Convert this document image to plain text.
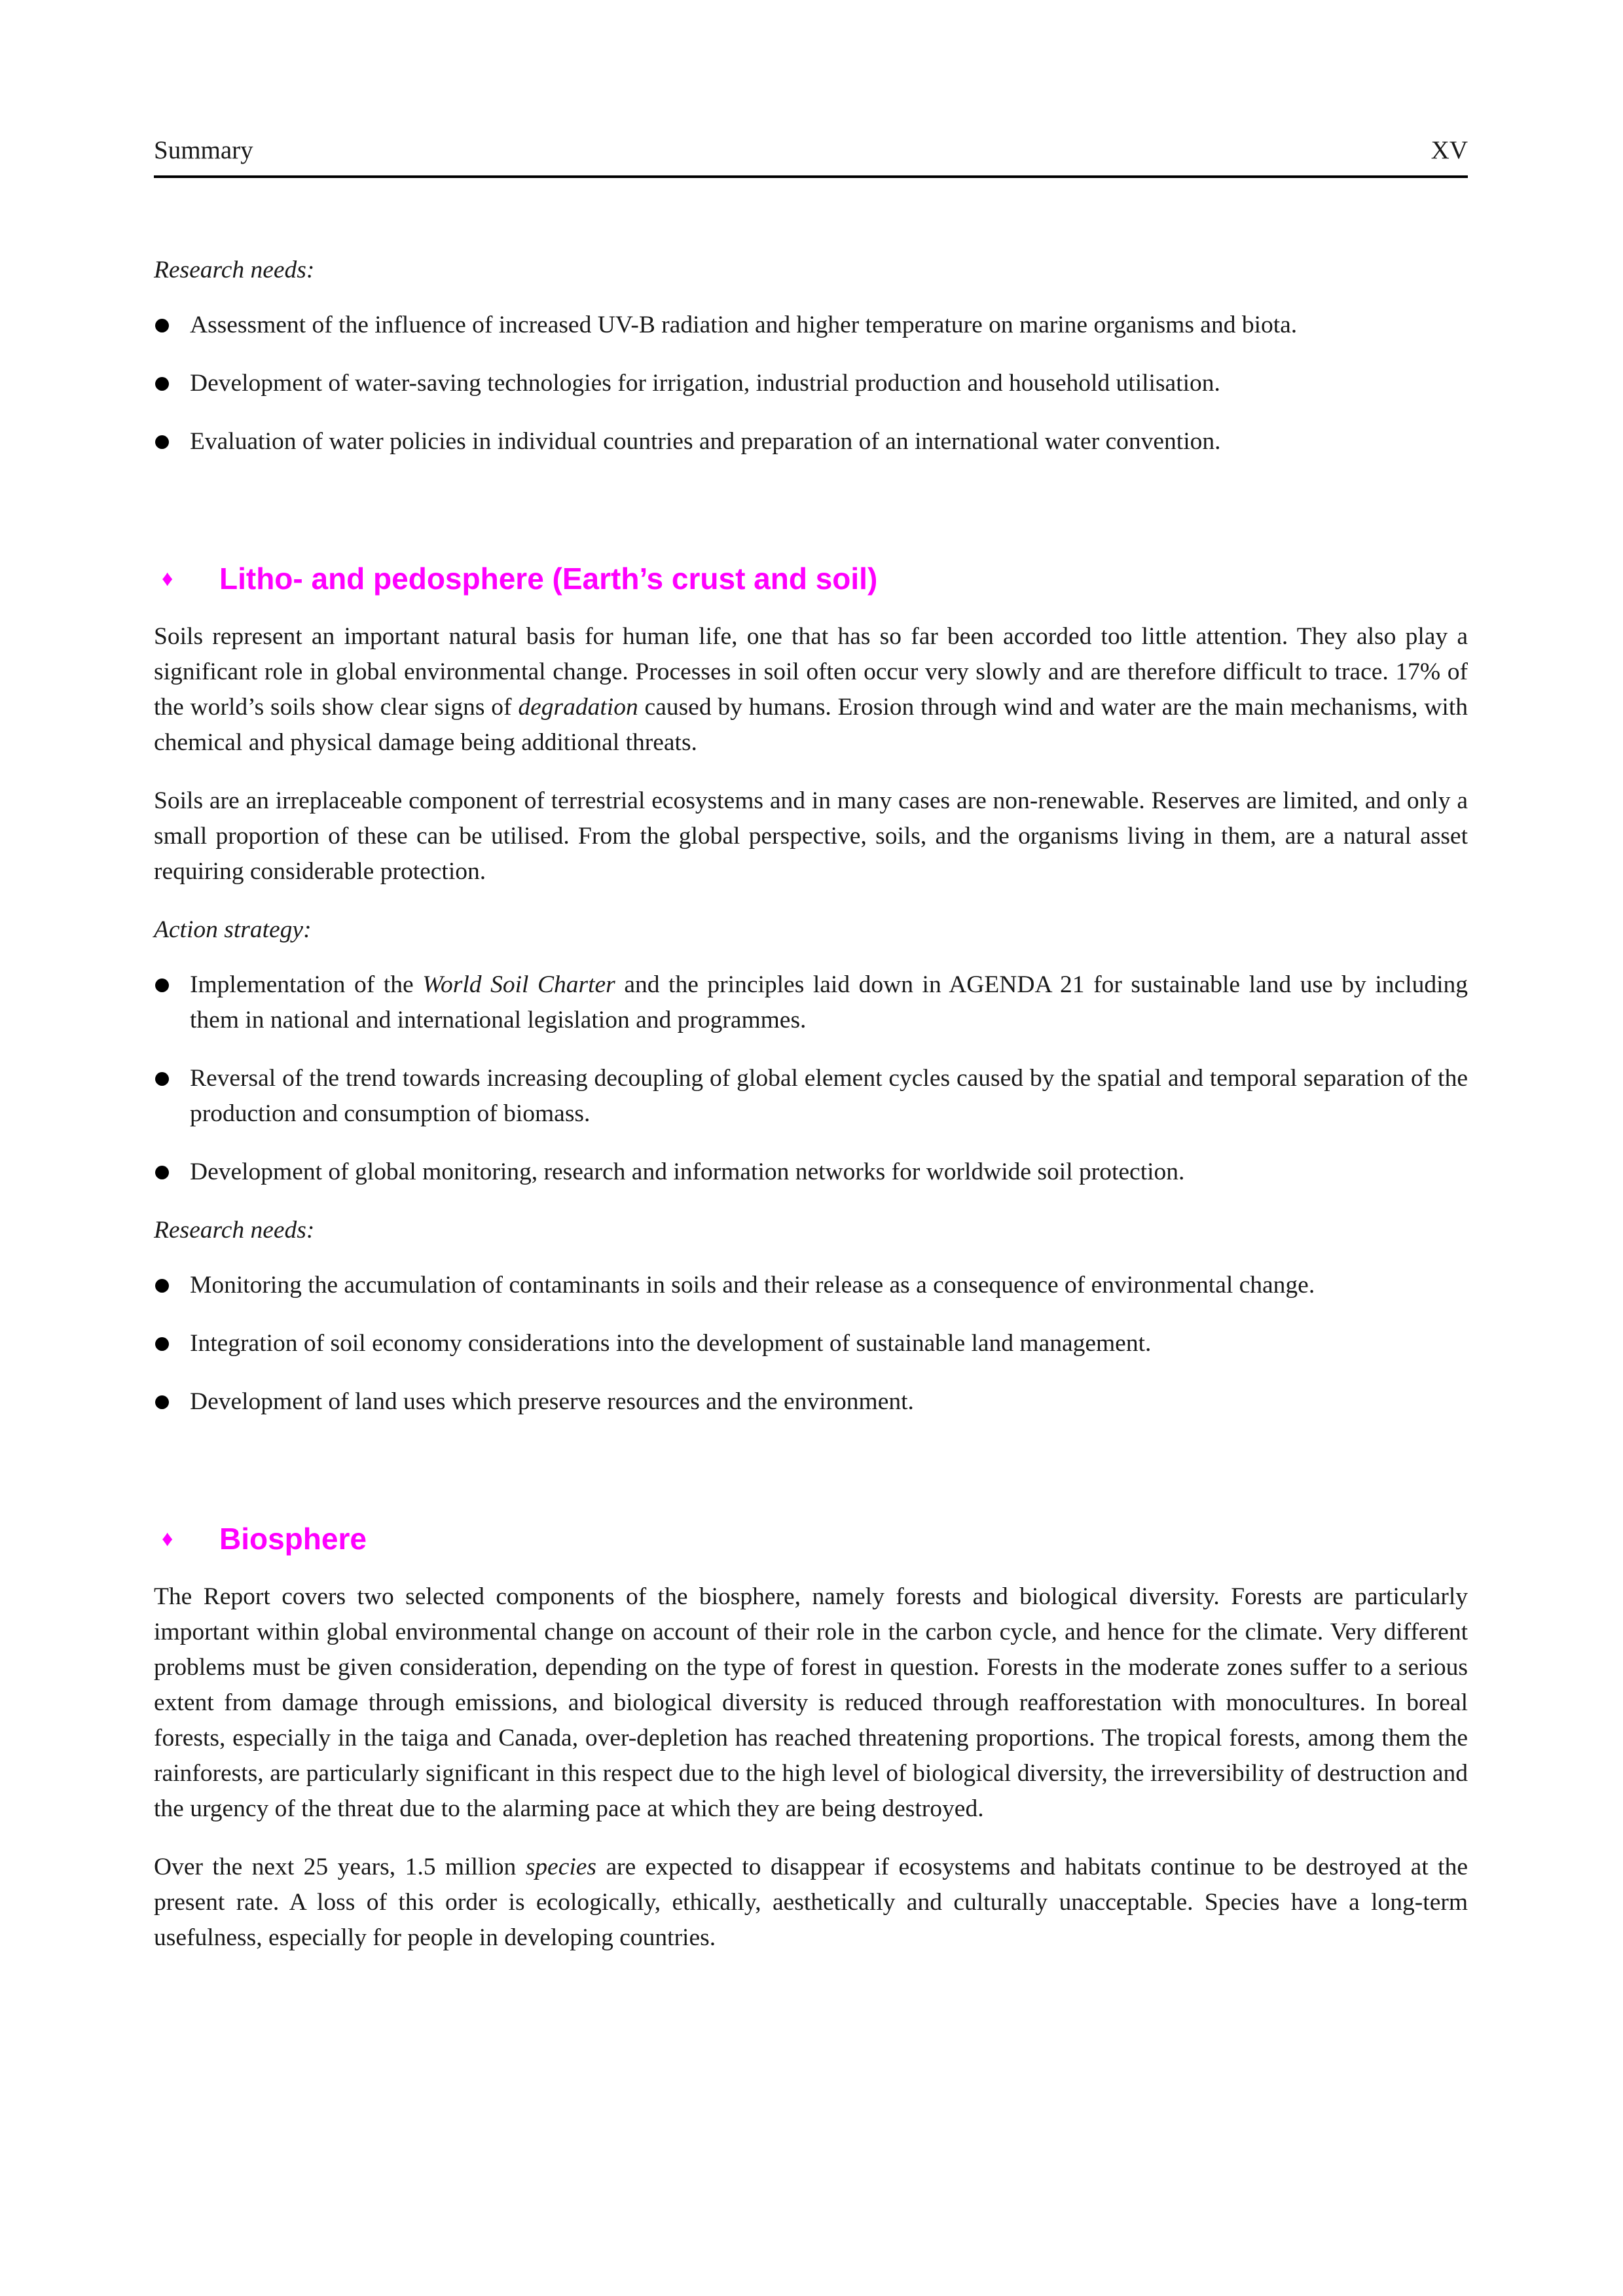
Summary	XV

Research needs:

Assessment of the influence of increased UV-B radiation and higher temperature on marine organisms and biota.
Development of water-saving technologies for irrigation, industrial production and household utilisation.
Evaluation of water policies in individual countries and preparation of an international water convention.
♦	Litho- and pedosphere (Earth’s crust and soil)

Soils represent an important natural basis for human life, one that has so far been accorded too little attention. They also play a significant role in global environmental change. Processes in soil often occur very slowly and are therefore difficult to trace. 17% of the world’s soils show clear signs of degradation caused by humans. Erosion through wind and water are the main mechanisms, with chemical and physical damage being additional threats.

Soils are an irreplaceable component of terrestrial ecosystems and in many cases are non-renewable. Reserves are limited, and only a small proportion of these can be utilised. From the global perspective, soils, and the organisms living in them, are a natural asset requiring considerable protection.

Action strategy:

Implementation of the World Soil Charter and the principles laid down in AGENDA 21 for sustainable land use by including them in national and international legislation and programmes.
Reversal of the trend towards increasing decoupling of global element cycles caused by the spatial and temporal separation of the production and consumption of biomass.
Development of global monitoring, research and information networks for worldwide soil protection.

Research needs:

Monitoring the accumulation of contaminants in soils and their release as a consequence of environmental change.
Integration of soil economy considerations into the development of sustainable land management.
Development of land uses which preserve resources and the environment.
♦	Biosphere

The Report covers two selected components of the biosphere, namely forests and biological diversity. Forests are particularly important within global environmental change on account of their role in the carbon cycle, and hence for the climate. Very different problems must be given consideration, depending on the type of forest in question. Forests in the moderate zones suffer to a serious extent from damage through emissions, and biological diversity is reduced through reafforestation with monocultures. In boreal forests, especially in the taiga and Canada, over-depletion has reached threatening proportions. The tropical forests, among them the rainforests, are particularly significant in this respect due to the high level of biological diversity, the irreversibility of destruction and the urgency of the threat due to the alarming pace at which they are being destroyed.

Over the next 25 years, 1.5 million species are expected to disappear if ecosystems and habitats continue to be destroyed at the present rate. A loss of this order is ecologically, ethically, aesthetically and culturally unacceptable. Species have a long-term usefulness, especially for people in developing countries.
